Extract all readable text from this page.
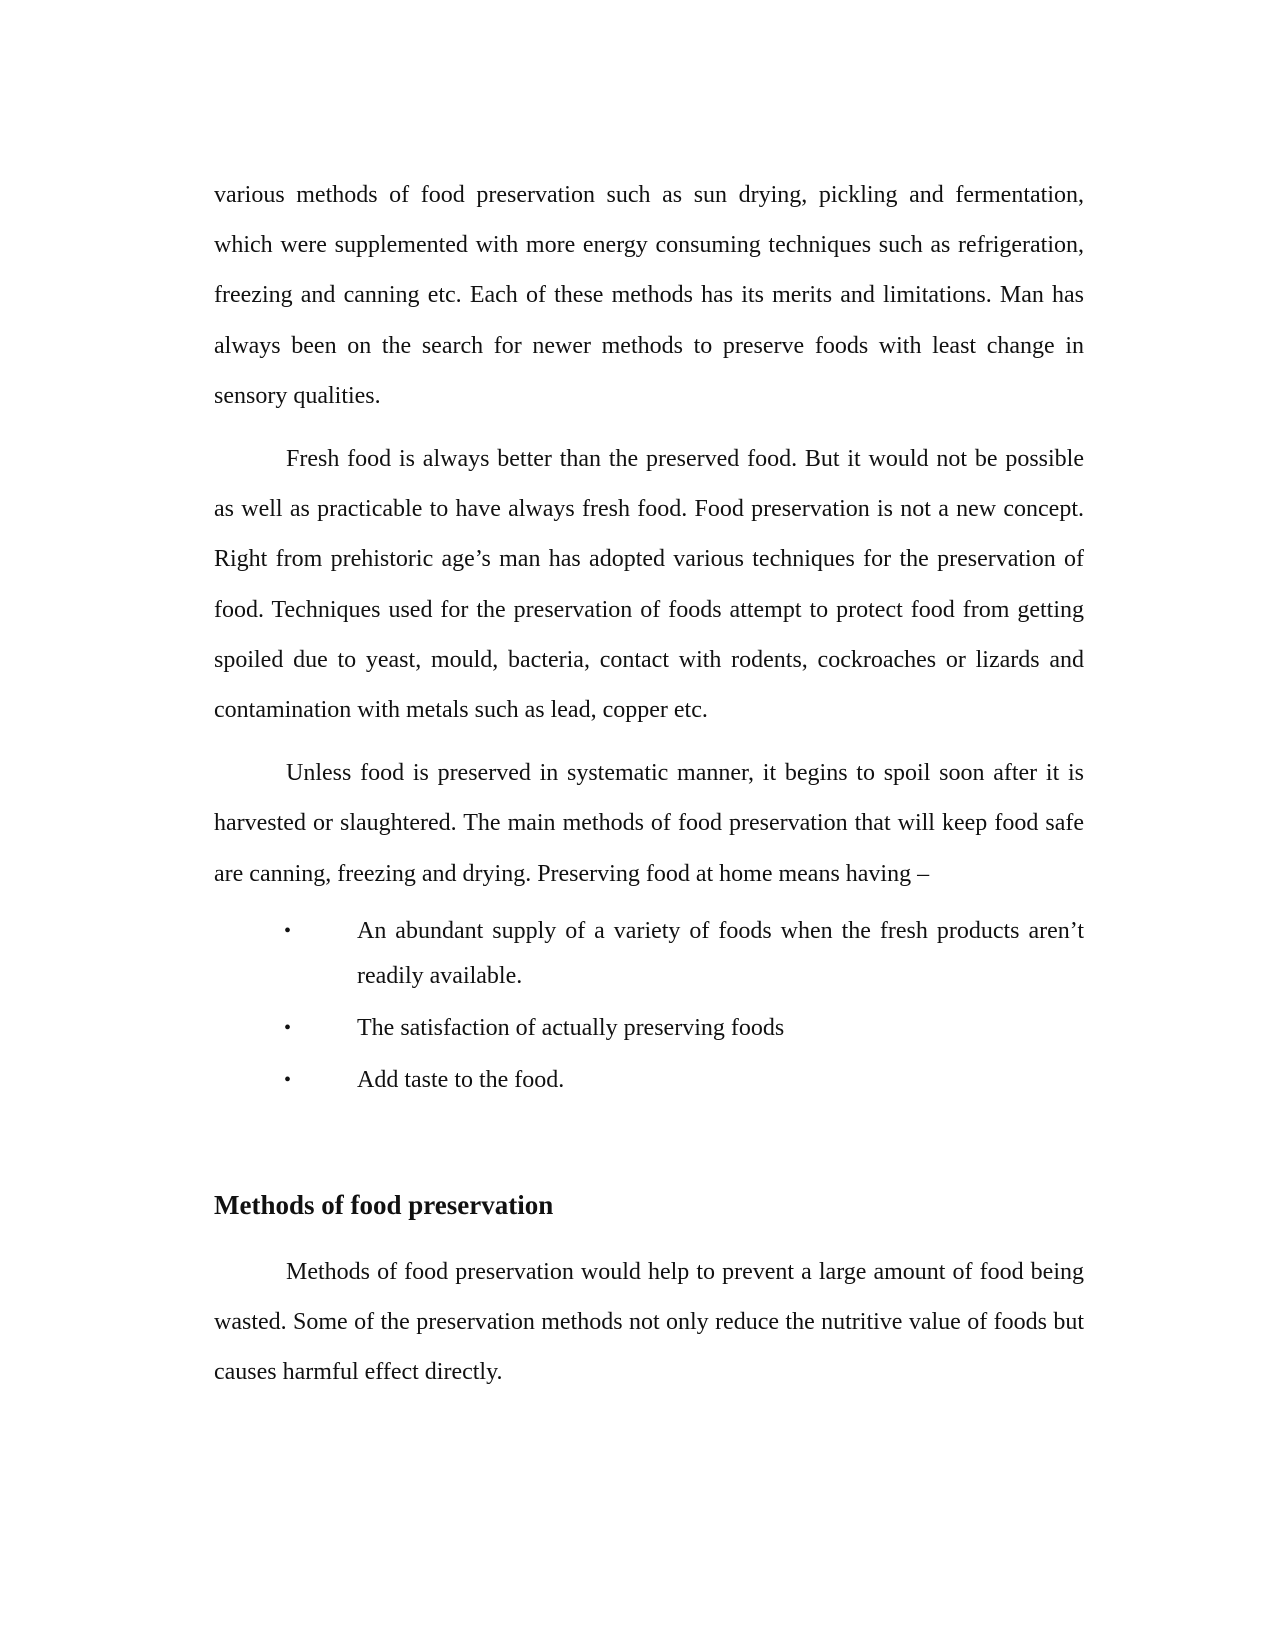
various methods of food preservation such as sun drying, pickling and fermentation, which were supplemented with more energy consuming techniques such as refrigeration, freezing and canning etc. Each of these methods has its merits and limitations. Man has always been on the search for newer methods to preserve foods with least change in sensory qualities.

Fresh food is always better than the preserved food. But it would not be possible as well as practicable to have always fresh food. Food preservation is not a new concept. Right from prehistoric age’s man has adopted various techniques for the preservation of food. Techniques used for the preservation of foods attempt to protect food from getting spoiled due to yeast, mould, bacteria, contact with rodents, cockroaches or lizards and contamination with metals such as lead, copper etc.

Unless food is preserved in systematic manner, it begins to spoil soon after it is harvested or slaughtered. The main methods of food preservation that will keep food safe are canning, freezing and drying. Preserving food at home means having –

•	An abundant supply of a variety of foods when the fresh products aren’t readily available.
•	The satisfaction of actually preserving foods
•	Add taste to the food.
Methods of food preservation

Methods of food preservation would help to prevent a large amount of food being wasted. Some of the preservation methods not only reduce the nutritive value of foods but causes harmful effect directly.
